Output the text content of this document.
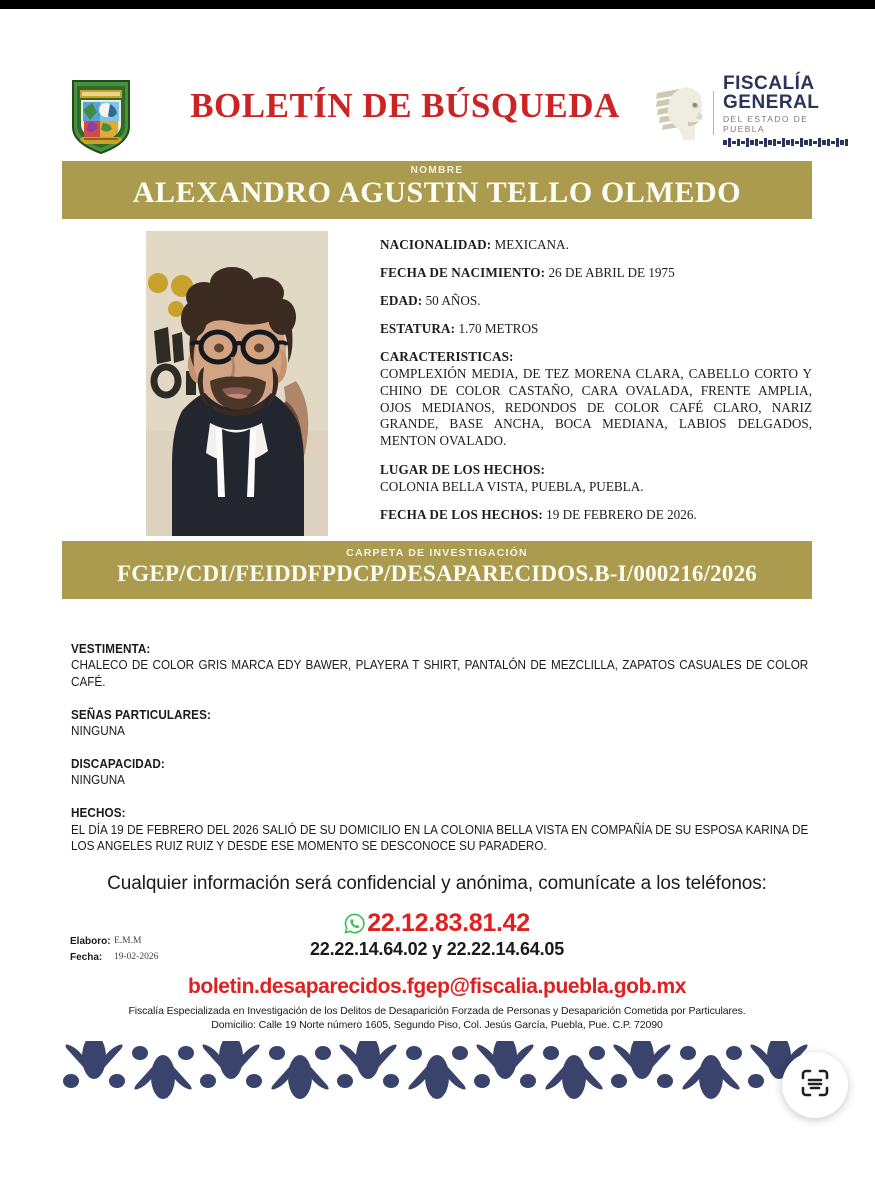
BOLETÍN DE BÚSQUEDA
FISCALÍA
GENERAL
DEL ESTADO DE PUEBLA
NOMBRE
ALEXANDRO AGUSTIN TELLO OLMEDO
NACIONALIDAD: MEXICANA.
FECHA DE NACIMIENTO: 26 DE ABRIL DE 1975
EDAD: 50 AÑOS.
ESTATURA: 1.70 METROS
CARACTERISTICAS:
COMPLEXIÓN MEDIA, DE TEZ MORENA CLARA, CABELLO CORTO Y CHINO DE COLOR CASTAÑO, CARA OVALADA, FRENTE AMPLIA, OJOS MEDIANOS, REDONDOS DE COLOR CAFÉ CLARO, NARIZ GRANDE, BASE ANCHA, BOCA MEDIANA, LABIOS DELGADOS, MENTON OVALADO.
LUGAR DE LOS HECHOS:
COLONIA BELLA VISTA, PUEBLA, PUEBLA.
FECHA DE LOS HECHOS: 19 DE FEBRERO DE 2026.
CARPETA DE INVESTIGACIÓN
FGEP/CDI/FEIDDFPDCP/DESAPARECIDOS.B-I/000216/2026
VESTIMENTA:
CHALECO DE COLOR GRIS MARCA EDY BAWER, PLAYERA T SHIRT, PANTALÓN DE MEZCLILLA, ZAPATOS CASUALES DE COLOR CAFÉ.
SEÑAS PARTICULARES:
NINGUNA
DISCAPACIDAD:
NINGUNA
HECHOS:
EL DÍA 19 DE FEBRERO DEL 2026 SALIÓ DE SU DOMICILIO EN LA COLONIA BELLA VISTA EN COMPAÑÍA DE SU ESPOSA KARINA DE LOS ANGELES RUIZ RUIZ Y DESDE ESE MOMENTO SE DESCONOCE SU PARADERO.
Cualquier información será confidencial y anónima, comunícate a los teléfonos:
22.12.83.81.42
22.22.14.64.02 y 22.22.14.64.05
boletin.desaparecidos.fgep@fiscalia.puebla.gob.mx
Fiscalía Especializada en Investigación de los Delitos de Desaparición Forzada de Personas y Desaparición Cometida por Particulares.
Domicilio: Calle 19 Norte número 1605, Segundo Piso, Col. Jesús García, Puebla, Pue. C.P. 72090
Elaboro: E.M.M
Fecha:	19-02-2026
